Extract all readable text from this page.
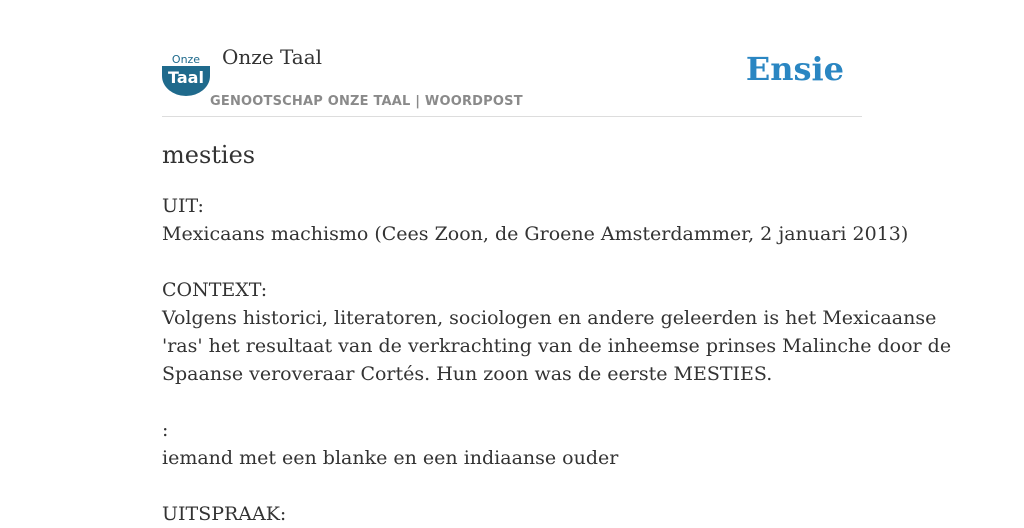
Onze
Taal
Onze Taal
GENOOTSCHAP ONZE TAAL | WOORDPOST
Ensie
mesties
UIT:
Mexicaans machismo (Cees Zoon, de Groene Amsterdammer, 2 januari 2013)
CONTEXT:
Volgens historici, literatoren, sociologen en andere geleerden is het Mexicaanse
'ras' het resultaat van de verkrachting van de inheemse prinses Malinche door de
Spaanse veroveraar Cortés. Hun zoon was de eerste MESTIES.
:
iemand met een blanke en een indiaanse ouder
UITSPRAAK:
